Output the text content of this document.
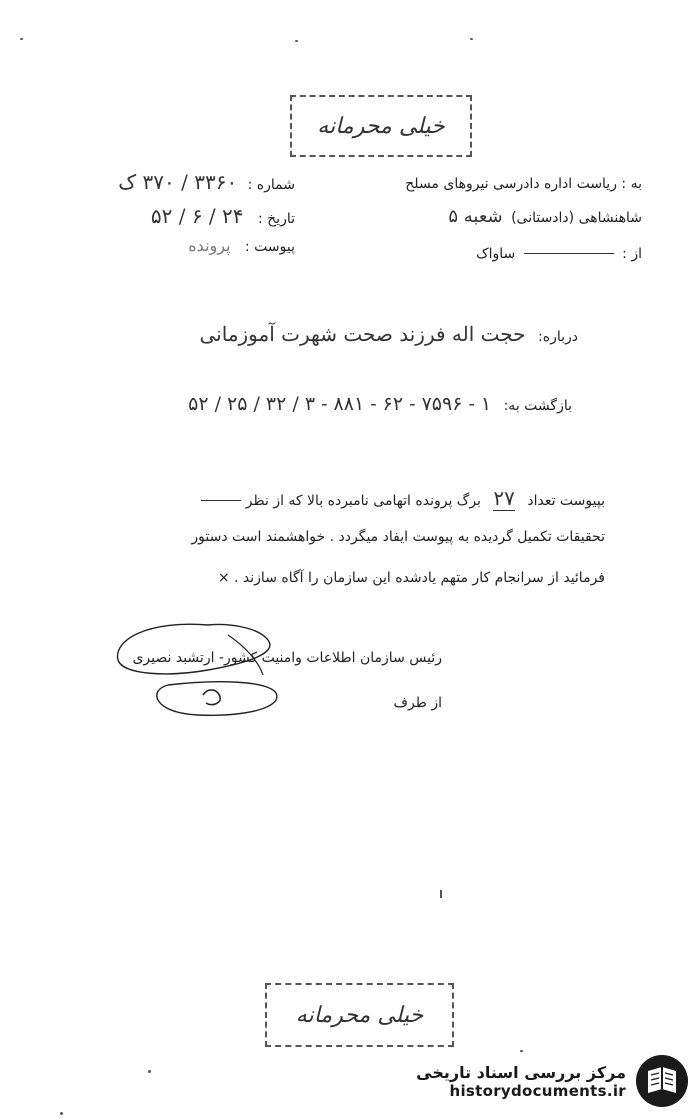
خیلی محرمانه
به : ریاست اداره دادرسی نیروهای مسلح
شاهنشاهی (دادستانی) شعبه ۵
از :  ساواک
شماره : ۳۳۶۰ / ۳۷۰ ک
تاریخ : ۲۴ / ۶ / ۵۲
پیوست : پرونده
درباره: حجت اله فرزند صحت شهرت آموزمانی
بازگشت به: ۱ - ۷۵۹۶ - ۶۲ - ۸۸۱ - ۳ / ۳۲ / ۲۵ / ۵۲
بپیوست تعداد ۲۷ برگ پرونده اتهامی نامبرده بالا که از نظر
تحقیقات تکمیل گردیده به پیوست ایفاد میگردد . خواهشمند است دستور
فرمائید از سرانجام کار متهم یادشده این سازمان را آگاه سازند . ×
رئیس سازمان اطلاعات وامنیت کشور- ارتشبد نصیری
از طرف
خیلی محرمانه
مرکز بررسی اسناد تاریخی
historydocuments.ir
